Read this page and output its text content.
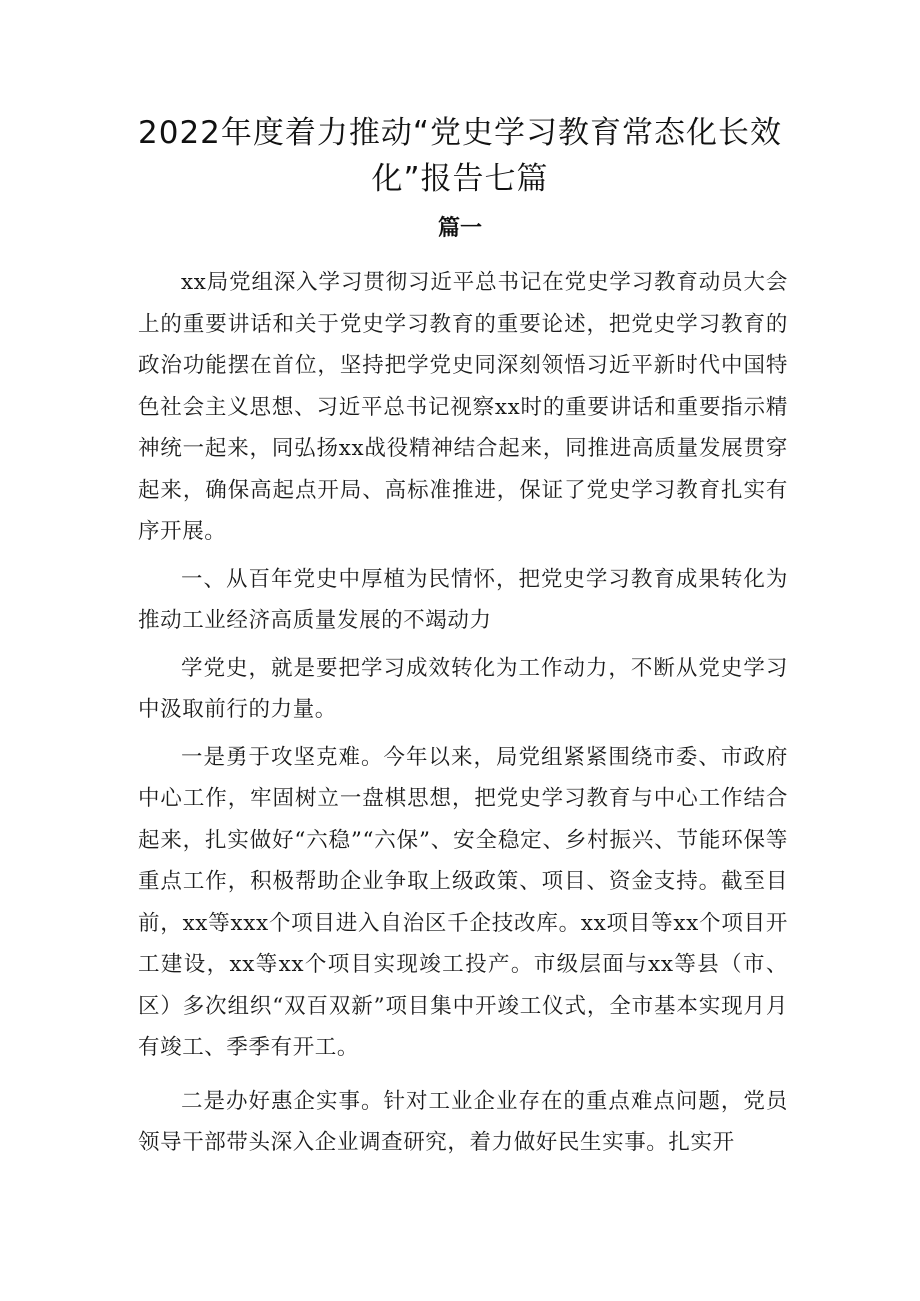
2022年度着力推动“党史学习教育常态化长效化”报告七篇
篇一

xx局党组深入学习贯彻习近平总书记在党史学习教育动员大会上的重要讲话和关于党史学习教育的重要论述，把党史学习教育的政治功能摆在首位，坚持把学党史同深刻领悟习近平新时代中国特色社会主义思想、习近平总书记视察xx时的重要讲话和重要指示精神统一起来，同弘扬xx战役精神结合起来，同推进高质量发展贯穿起来，确保高起点开局、高标准推进，保证了党史学习教育扎实有序开展。

一、从百年党史中厚植为民情怀，把党史学习教育成果转化为推动工业经济高质量发展的不竭动力

学党史，就是要把学习成效转化为工作动力，不断从党史学习中汲取前行的力量。

一是勇于攻坚克难。今年以来，局党组紧紧围绕市委、市政府中心工作，牢固树立一盘棋思想，把党史学习教育与中心工作结合起来，扎实做好“六稳”“六保”、安全稳定、乡村振兴、节能环保等重点工作，积极帮助企业争取上级政策、项目、资金支持。截至目前，xx等xxx个项目进入自治区千企技改库。xx项目等xx个项目开工建设，xx等xx个项目实现竣工投产。市级层面与xx等县（市、区）多次组织“双百双新”项目集中开竣工仪式，全市基本实现月月有竣工、季季有开工。

二是办好惠企实事。针对工业企业存在的重点难点问题，党员领导干部带头深入企业调查研究，着力做好民生实事。扎实开
